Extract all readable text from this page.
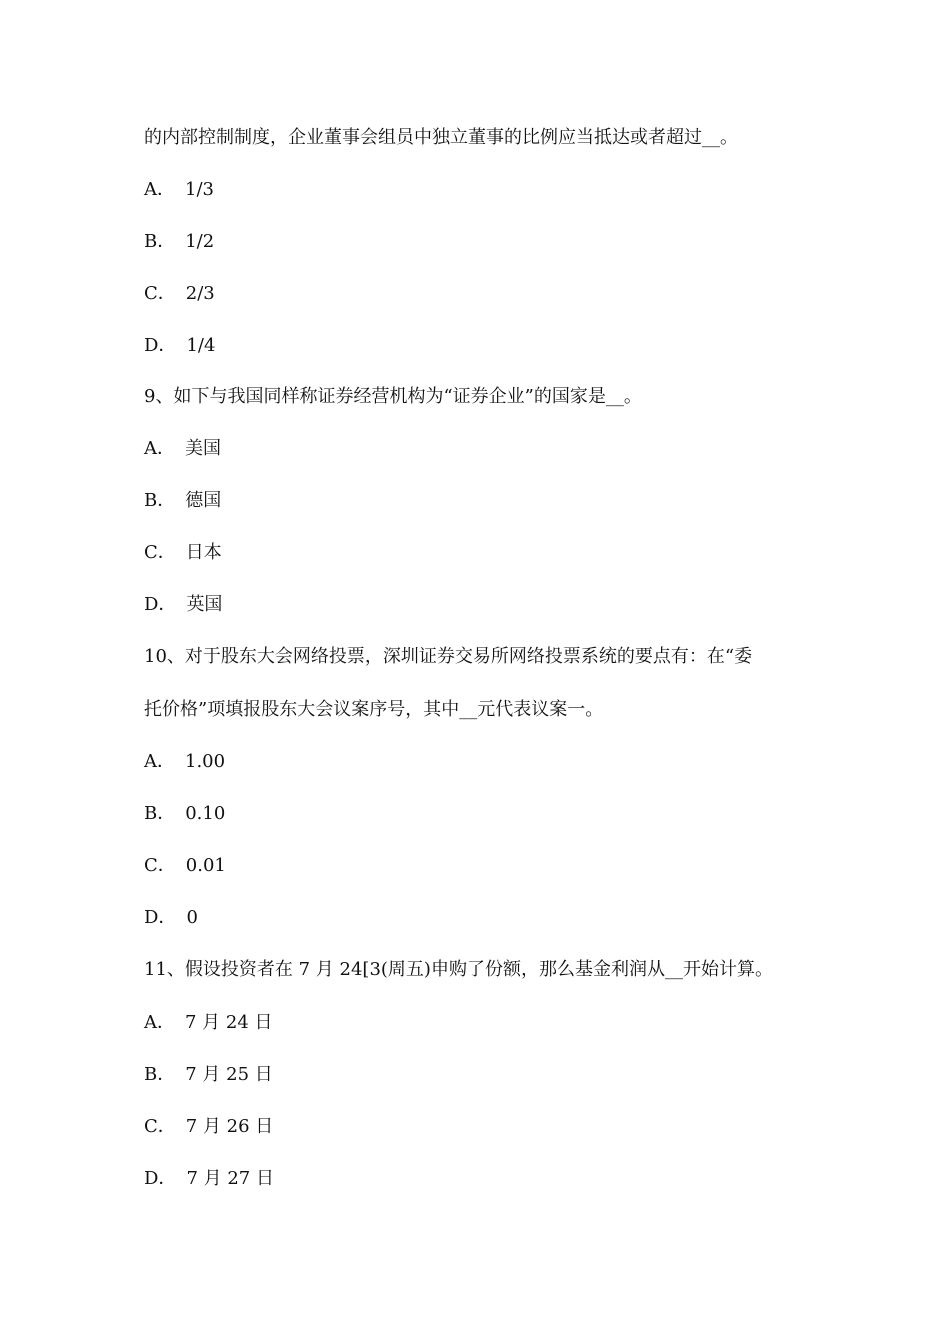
的内部控制制度，企业董事会组员中独立董事的比例应当抵达或者超过__。
A． 1/3
B． 1/2
C． 2/3
D． 1/4
9、如下与我国同样称证券经营机构为“证券企业”的国家是__。
A． 美国
B． 德国
C． 日本
D． 英国
10、对于股东大会网络投票，深圳证券交易所网络投票系统的要点有：在“委
托价格”项填报股东大会议案序号，其中__元代表议案一。
A． 1.00
B． 0.10
C． 0.01
D． 0
11、假设投资者在 7 月 24[3(周五)申购了份额，那么基金利润从__开始计算。
A． 7 月 24 日
B． 7 月 25 日
C． 7 月 26 日
D． 7 月 27 日
